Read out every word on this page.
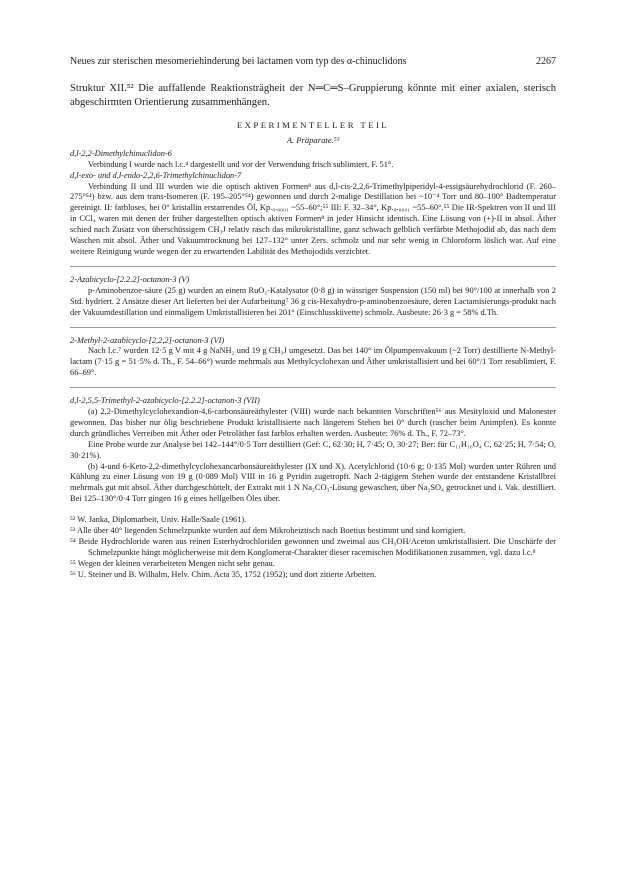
Neues zur sterischen mesomeriehinderung bei lactamen vom typ des α-chinuclidons	2267

Struktur XII.⁵² Die auffallende Reaktionsträgheit der N═C═S–Gruppierung könnte mit einer axialen, sterisch abgeschirmten Orientierung zusammenhängen.

EXPERIMENTELLER TEIL
A. Präparate.⁵³

d,l-2,2-Dimethylchinuclidon-6

Verbindung I wurde nach l.c.⁴ dargestellt und vor der Verwendung frisch sublimiert, F. 51°.

d,l-exo- und d,l-endo-2,2,6-Trimethylchinuclidon-7

Verbindung II und III wurden wie die optisch aktiven Formen⁸ aus d,l-cis-2,2,6-Trimethylpiperidyl-4-essigsäurehydrochlorid (F. 260–275°⁵⁴) bzw. aus dem trans-Isomeren (F. 195–205°⁵⁴) gewonnen und durch 2-malige Destillation bei ~10⁻⁴ Torr und 80–100° Badtemperatur gereinigt. II: farbloses, bei 0° kristallin erstarrendes Öl, Kp.₀.₀₀₀₁ ~55–60°;⁵⁵ III: F. 32–34°, Kp.₀.₀₀₀₁ ~55–60°.⁵⁵ Die IR-Spektren von II und III in CCl₄ waren mit denen der früher dargestellten optisch aktiven Formen⁸ in jeder Hinsicht identisch. Eine Lösung von (+)-II in absol. Äther schied nach Zusatz von überschüssigem CH₃J relativ rasch das mikrokristalline, ganz schwach gelblich verfärbte Methojodid ab, das nach dem Waschen mit absol. Äther und Vakuumtrocknung bei 127–132° unter Zers. schmolz und nur sehr wenig in Chloroform löslich war. Auf eine weitere Reinigung wurde wegen der zu erwartenden Labilität des Methojodids verzichtet.

2-Azabicyclo-[2.2.2]-octanon-3 (V)

p-Aminobenzoe-säure (25 g) wurden an einem RuO₂-Katalysator (0·8 g) in wässriger Suspension (150 ml) bei 90°/100 at innerhalb von 2 Std. hydriert. 2 Ansätze dieser Art lieferten bei der Aufarbeitung⁷ 36 g cis-Hexahydro-p-aminobenzoesäure, deren Lactamisierungs-produkt nach der Vakuumdestillation und einmaligem Umkristallisieren bei 201° (Einschlussküvette) schmolz. Ausbeute: 26·3 g = 58% d.Th.

2-Methyl-2-azabicyclo-[2,2,2]-octanon-3 (VI)

Nach l.c.⁷ wurden 12·5 g V mit 4 g NaNH₂ und 19 g CH₃J umgesetzt. Das bei 140° im Ölpumpenvakuum (~2 Torr) destillierte N-Methyl-lactam (7·15 g = 51·5% d. Th., F. 54–66°) wurde mehrmals aus Methylcyclohexan und Äther umkristallisiert und bei 60°/1 Torr resublimiert, F. 66–69°.

d,l-2,5,5-Trimethyl-2-azabicyclo-[2.2.2]-octanon-3 (VII)

(a) 2,2-Dimethylcyclohexandion-4,6-carbonsäureäthylester (VIII) wurde nach bekannten Vorschriften⁵⁶ aus Mesityloxid und Malonester gewonnen. Das bisher nur ölig beschriebene Produkt kristallisierte nach längerem Stehen bei 0° durch (rascher beim Animpfen). Es konnte durch gründliches Verreiben mit Äther oder Petroläther fast farblos erhalten werden. Ausbeute: 76% d. Th., F. 72–73°.

Eine Probe wurde zur Analyse bei 142–144°/0·5 Torr destilliert (Gef: C, 62·30; H, 7·45; O, 30·27; Ber: für C₁₁H₁₆O₄ C, 62·25; H, 7·54; O, 30·21%).

(b) 4-und 6-Keto-2,2-dimethylcyclohexancarbonsäureäthylester (IX und X). Acetylchlorid (10·6 g; 0·135 Mol) wurden unter Rühren und Kühlung zu einer Lösung von 19 g (0·089 Mol) VIII in 16 g Pyridin zugetropft. Nach 2-tägigem Stehen wurde der entstandene Kristallbrei mehrmals gut mit absol. Äther durchgeschüttelt, der Extrakt mit 1 N Na₂CO₃-Lösung gewaschen, über Na₂SO₄ getrocknet und i. Vak. destilliert. Bei 125–130°/0·4 Torr gingen 16 g eines hellgelben Öles über.

⁵² W. Janka, Diplomarbeit, Univ. Halle/Saale (1961).

⁵³ Alle über 40° liegenden Schmelzpunkte wurden auf dem Mikroheiztisch nach Boetius bestimmt und sind korrigiert.

⁵⁴ Beide Hydrochloride waren aus reinen Esterhydrochloriden gewonnen und zweimal aus CH₃OH/Aceton umkristallisiert. Die Unschärfe der Schmelzpunkte hängt möglicherweise mit dem Konglomerat-Charakter dieser racemischen Modifikationen zusammen, vgl. dazu l.c.⁸

⁵⁵ Wegen der kleinen verarbeiteten Mengen nicht sehr genau.

⁵⁶ U. Steiner und B. Wilhalm, Helv. Chim. Acta 35, 1752 (1952); und dort zitierte Arbeiten.
